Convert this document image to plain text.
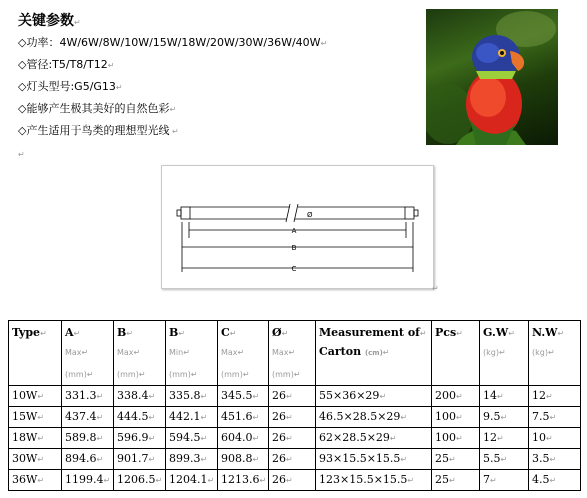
关键参数↵
◇功率：4W/6W/8W/10W/15W/18W/20W/30W/36W/40W↵
◇管径:T5/T8/T12↵
◇灯头型号:G5/G13↵
◇能够产生极其美好的自然色彩↵
◇产生适用于鸟类的理想型光线 ↵
↵
Ø
A
B
C
↵
Type↵	A↵
Max↵
(mm)↵	B↵
Max↵
(mm)↵	B↵
Min↵
(mm)↵	C↵
Max↵
(mm)↵	Ø↵
Max↵
(mm)↵	Measurement of↵
Carton (cm)↵	Pcs↵	G.W↵
(kg)↵	N.W↵
(kg)↵

10W↵	331.3↵	338.4↵	335.8↵	345.5↵	26↵	55×36×29↵	200↵	14↵	12↵
15W↵	437.4↵	444.5↵	442.1↵	451.6↵	26↵	46.5×28.5×29↵	100↵	9.5↵	7.5↵
18W↵	589.8↵	596.9↵	594.5↵	604.0↵	26↵	62×28.5×29↵	100↵	12↵	10↵
30W↵	894.6↵	901.7↵	899.3↵	908.8↵	26↵	93×15.5×15.5↵	25↵	5.5↵	3.5↵
36W↵	1199.4↵	1206.5↵	1204.1↵	1213.6↵	26↵	123×15.5×15.5↵	25↵	7↵	4.5↵
